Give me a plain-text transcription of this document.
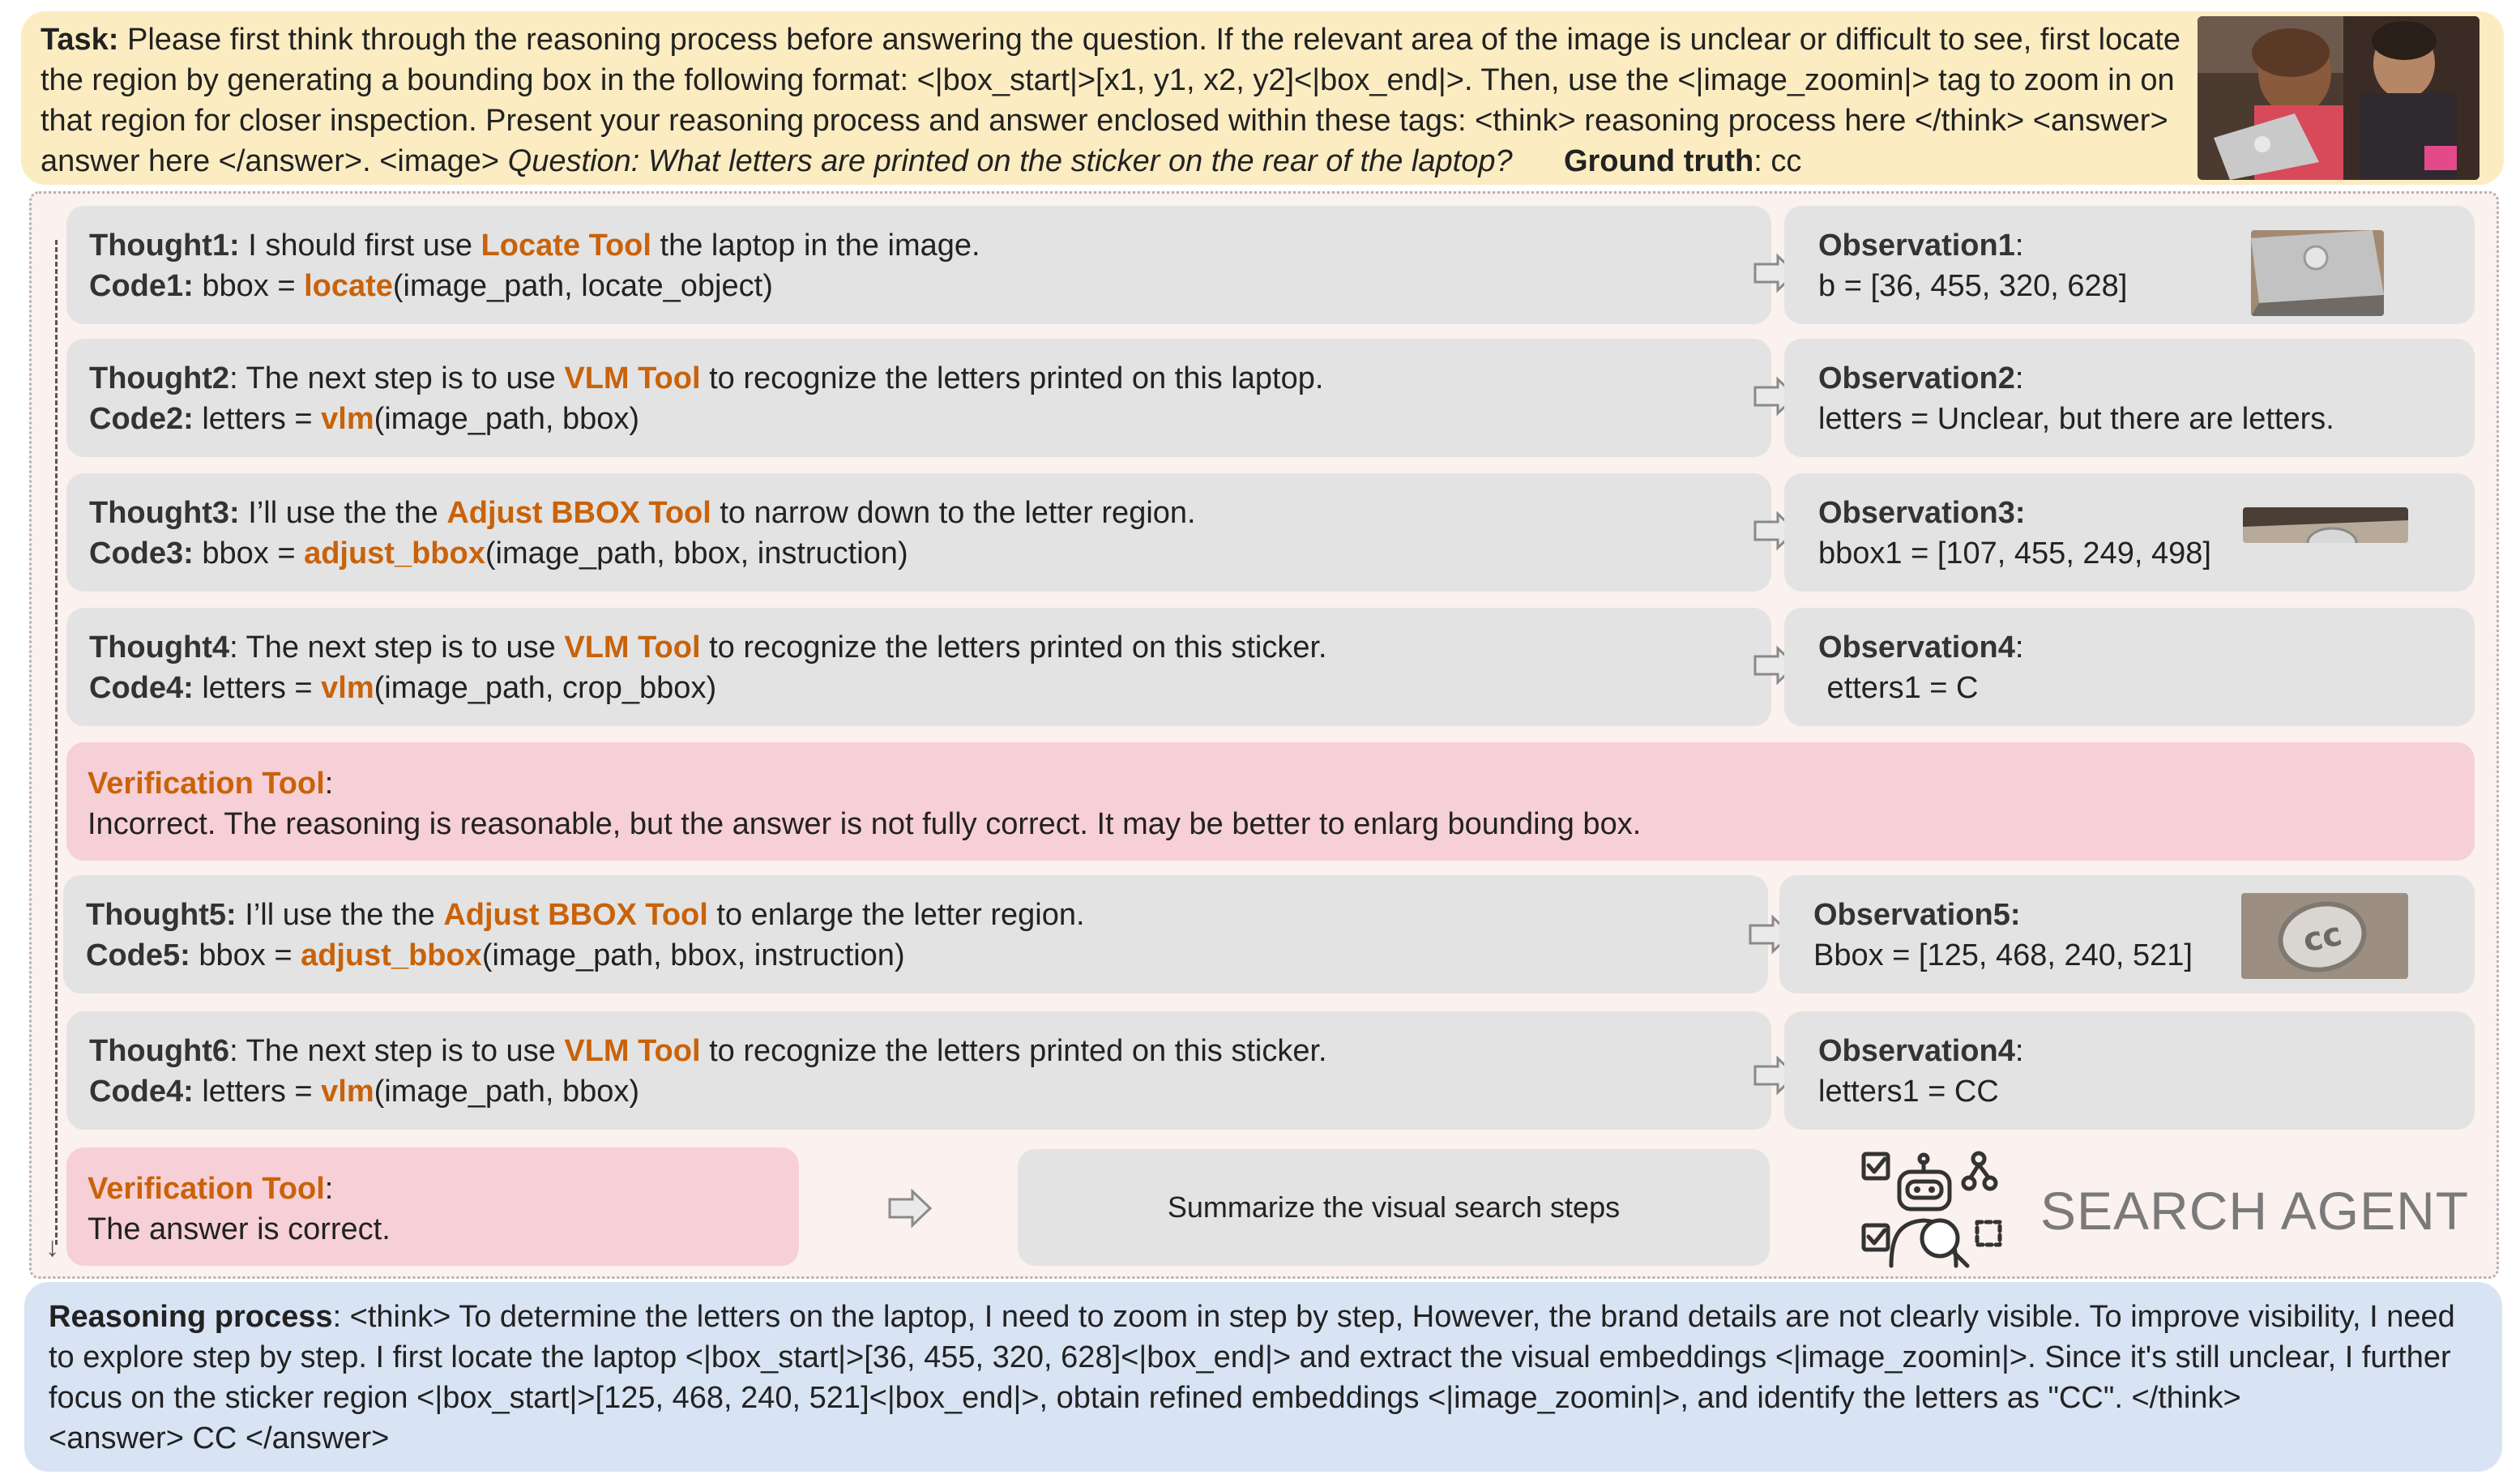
Task: Please first think through the reasoning process before answering the question. If the relevant area of the image is unclear or difficult to see, first locate the region by generating a bounding box in the following format: <|box_start|>[x1, y1, x2, y2]<|box_end|>. Then, use the <|image_zoomin|> tag to zoom in on that region for closer inspection. Present your reasoning process and answer enclosed within these tags: <think> reasoning process here </think> <answer> answer here </answer>. <image> Question: What letters are printed on the sticker on the rear of the laptop? Ground truth: cc
↓
Thought1: I should first use Locate Tool the laptop in the image.
Code1: bbox = locate(image_path, locate_object)
Observation1:
b = [36, 455, 320, 628]
Thought2: The next step is to use VLM Tool to recognize the letters printed on this laptop.
Code2: letters = vlm(image_path, bbox)
Observation2:
letters = Unclear, but there are letters.
Thought3: I’ll use the the Adjust BBOX Tool to narrow down to the letter region.
Code3: bbox = adjust_bbox(image_path, bbox, instruction)
Observation3:
bbox1 = [107, 455, 249, 498]
Thought4: The next step is to use VLM Tool to recognize the letters printed on this sticker.
Code4: letters = vlm(image_path, crop_bbox)
Observation4:
etters1 = C
Verification Tool:
Incorrect. The reasoning is reasonable, but the answer is not fully correct. It may be better to enlarg bounding box.
Thought5: I’ll use the the Adjust BBOX Tool to enlarge the letter region.
Code5: bbox = adjust_bbox(image_path, bbox, instruction)
Observation5:
Bbox = [125, 468, 240, 521]	cc
Thought6: The next step is to use VLM Tool to recognize the letters printed on this sticker.
Code4: letters = vlm(image_path, bbox)
Observation4:
letters1 = CC
Verification Tool:
The answer is correct.
Summarize the visual search steps	SEARCH AGENT
Reasoning process: <think> To determine the letters on the laptop, I need to zoom in step by step, However, the brand details are not clearly visible. To improve visibility, I need to explore step by step. I first locate the laptop <|box_start|>[36, 455, 320, 628]<|box_end|> and extract the visual embeddings <|image_zoomin|>. Since it's still unclear, I further focus on the sticker region <|box_start|>[125, 468, 240, 521]<|box_end|>, obtain refined embeddings <|image_zoomin|>, and identify the letters as "CC". </think>
<answer> CC </answer>
